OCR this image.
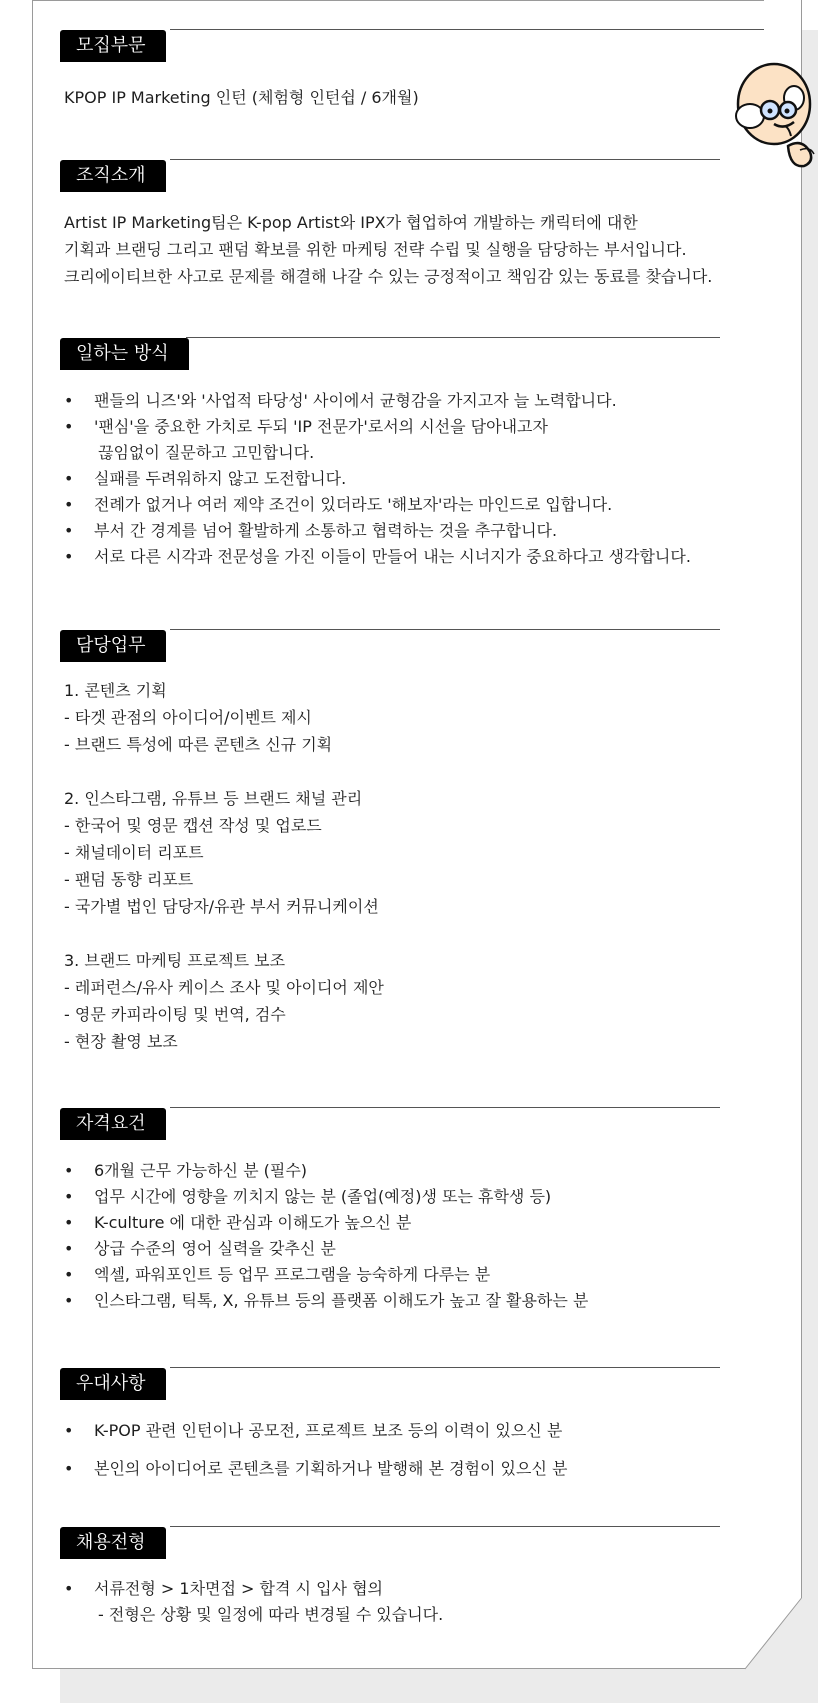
모집부문
KPOP IP Marketing 인턴 (체험형 인턴쉽 / 6개월)
조직소개
Artist IP Marketing팀은 K-pop Artist와 IPX가 협업하여 개발하는 캐릭터에 대한
기획과 브랜딩 그리고 팬덤 확보를 위한 마케팅 전략 수립 및 실행을 담당하는 부서입니다.
크리에이티브한 사고로 문제를 해결해 나갈 수 있는 긍정적이고 책임감 있는 동료를 찾습니다.
일하는 방식
• 팬들의 니즈'와 '사업적 타당성' 사이에서 균형감을 가지고자 늘 노력합니다.
• '팬심'을 중요한 가치로 두되 'IP 전문가'로서의 시선을 담아내고자
끊임없이 질문하고 고민합니다.
• 실패를 두려워하지 않고 도전합니다.
• 전례가 없거나 여러 제약 조건이 있더라도 '해보자'라는 마인드로 입합니다.
• 부서 간 경계를 넘어 활발하게 소통하고 협력하는 것을 추구합니다.
• 서로 다른 시각과 전문성을 가진 이들이 만들어 내는 시너지가 중요하다고 생각합니다.
담당업무
1. 콘텐츠 기획
- 타겟 관점의 아이디어/이벤트 제시
- 브랜드 특성에 따른 콘텐츠 신규 기획
2. 인스타그램, 유튜브 등 브랜드 채널 관리
- 한국어 및 영문 캡션 작성 및 업로드
- 채널데이터 리포트
- 팬덤 동향 리포트
- 국가별 법인 담당자/유관 부서 커뮤니케이션
3. 브랜드 마케팅 프로젝트 보조
- 레퍼런스/유사 케이스 조사 및 아이디어 제안
- 영문 카피라이팅 및 번역, 검수
- 현장 촬영 보조
자격요건
• 6개월 근무 가능하신 분 (필수)
• 업무 시간에 영향을 끼치지 않는 분 (졸업(예정)생 또는 휴학생 등)
• K-culture 에 대한 관심과 이해도가 높으신 분
• 상급 수준의 영어 실력을 갖추신 분
• 엑셀, 파워포인트 등 업무 프로그램을 능숙하게 다루는 분
• 인스타그램, 틱톡, X, 유튜브 등의 플랫폼 이해도가 높고 잘 활용하는 분
우대사항
• K-POP 관련 인턴이나 공모전, 프로젝트 보조 등의 이력이 있으신 분
• 본인의 아이디어로 콘텐츠를 기획하거나 발행해 본 경험이 있으신 분
채용전형
• 서류전형 > 1차면접 > 합격 시 입사 협의
- 전형은 상황 및 일정에 따라 변경될 수 있습니다.
